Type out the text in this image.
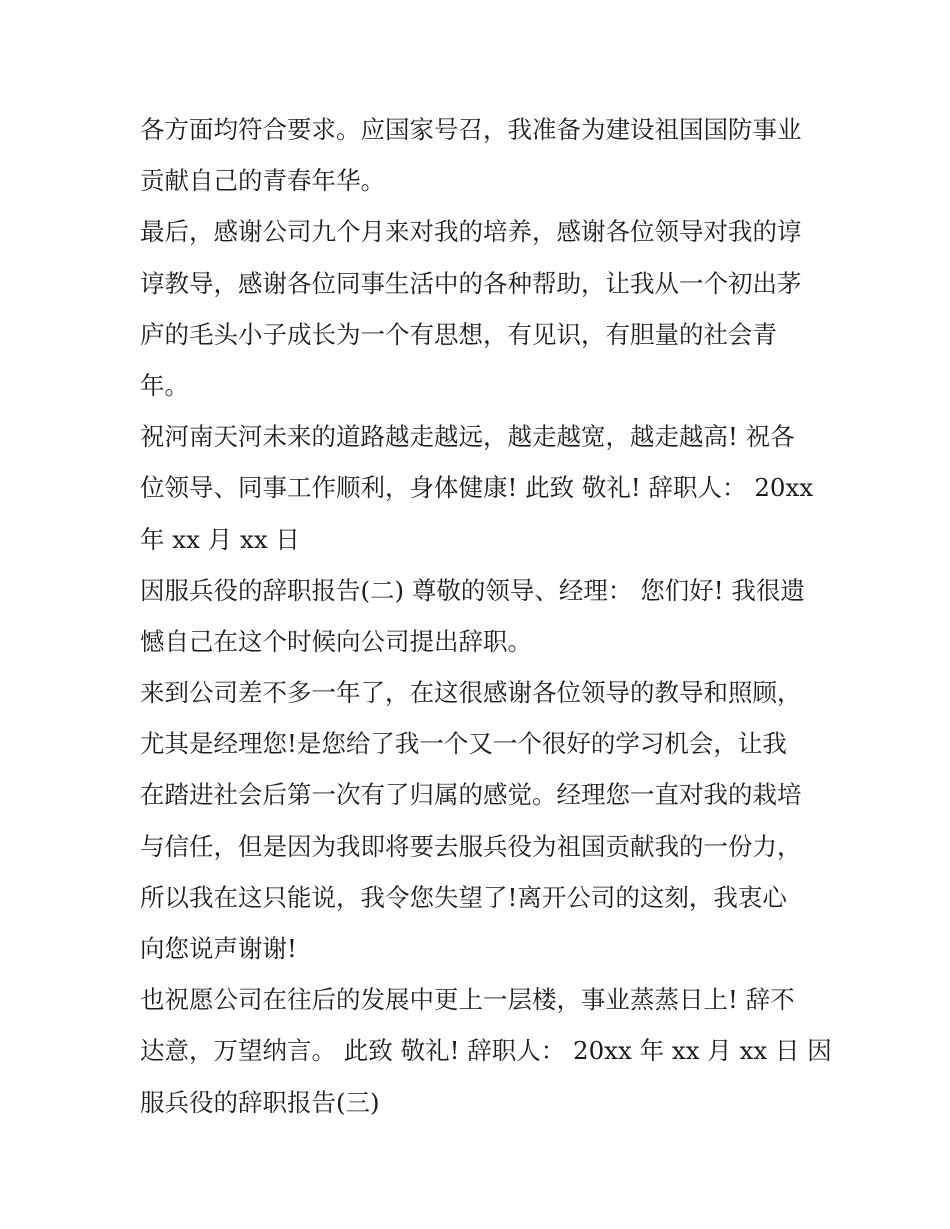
各方面均符合要求。应国家号召，我准备为建设祖国国防事业
贡献自己的青春年华。
最后，感谢公司九个月来对我的培养，感谢各位领导对我的谆
谆教导，感谢各位同事生活中的各种帮助，让我从一个初出茅
庐的毛头小子成长为一个有思想，有见识，有胆量的社会青
年。
祝河南天河未来的道路越走越远，越走越宽，越走越高! 祝各
位领导、同事工作顺利，身体健康! 此致 敬礼! 辞职人： 20xx
年 xx 月 xx 日
因服兵役的辞职报告(二) 尊敬的领导、经理： 您们好! 我很遗
憾自己在这个时候向公司提出辞职。
来到公司差不多一年了，在这很感谢各位领导的教导和照顾，
尤其是经理您!是您给了我一个又一个很好的学习机会，让我
在踏进社会后第一次有了归属的感觉。经理您一直对我的栽培
与信任，但是因为我即将要去服兵役为祖国贡献我的一份力，
所以我在这只能说，我令您失望了!离开公司的这刻，我衷心
向您说声谢谢!
也祝愿公司在往后的发展中更上一层楼，事业蒸蒸日上! 辞不
达意，万望纳言。 此致 敬礼! 辞职人： 20xx 年 xx 月 xx 日 因
服兵役的辞职报告(三)
